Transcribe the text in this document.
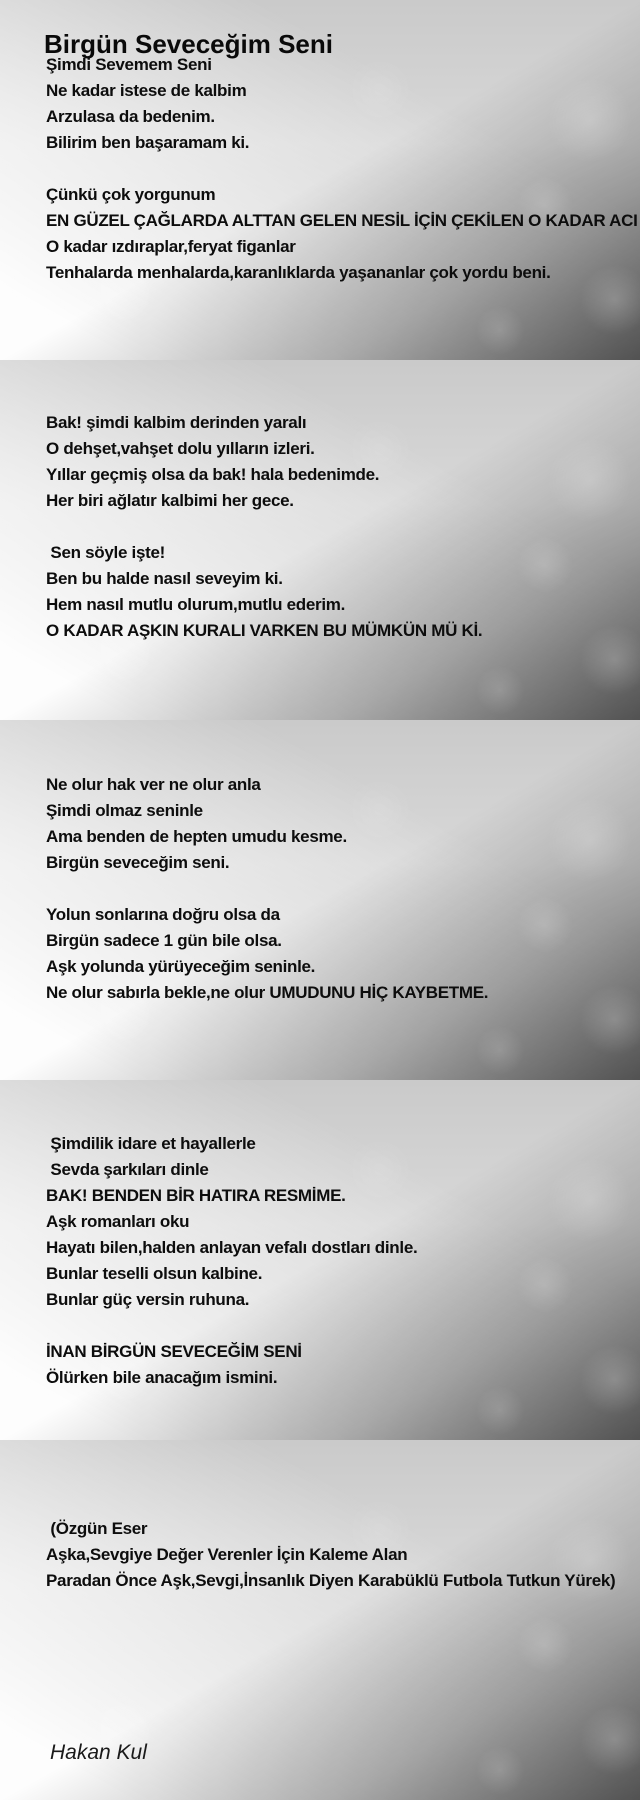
Birgün Seveceğim Seni
Şimdi Sevemem Seni
Ne kadar istese de kalbim
Arzulasa da bedenim.
Bilirim ben başaramam ki.
Çünkü çok yorgunum
EN GÜZEL ÇAĞLARDA ALTTAN GELEN NESİL İÇİN ÇEKİLEN O KADAR ACI
O kadar ızdıraplar,feryat figanlar
Tenhalarda menhalarda,karanlıklarda yaşananlar çok yordu beni.
Bak! şimdi kalbim derinden yaralı
O dehşet,vahşet dolu yılların izleri.
Yıllar geçmiş olsa da bak! hala bedenimde.
Her biri ağlatır kalbimi her gece.
Sen söyle işte!
Ben bu halde nasıl seveyim ki.
Hem nasıl mutlu olurum,mutlu ederim.
O KADAR AŞKIN KURALI VARKEN BU MÜMKÜN MÜ Kİ.
Ne olur hak ver ne olur anla
Şimdi olmaz seninle
Ama benden de hepten umudu kesme.
Birgün seveceğim seni.
Yolun sonlarına doğru olsa da
Birgün sadece 1 gün bile olsa.
Aşk yolunda yürüyeceğim seninle.
Ne olur sabırla bekle,ne olur UMUDUNU HİÇ KAYBETME.
Şimdilik idare et hayallerle
Sevda şarkıları dinle
BAK! BENDEN BİR HATIRA RESMİME.
Aşk romanları oku
Hayatı bilen,halden anlayan vefalı dostları dinle.
Bunlar teselli olsun kalbine.
Bunlar güç versin ruhuna.
İNAN BİRGÜN SEVECEĞİM SENİ
Ölürken bile anacağım ismini.
(Özgün Eser
Aşka,Sevgiye Değer Verenler İçin Kaleme Alan
Paradan Önce Aşk,Sevgi,İnsanlık Diyen Karabüklü Futbola Tutkun Yürek)
Hakan Kul
